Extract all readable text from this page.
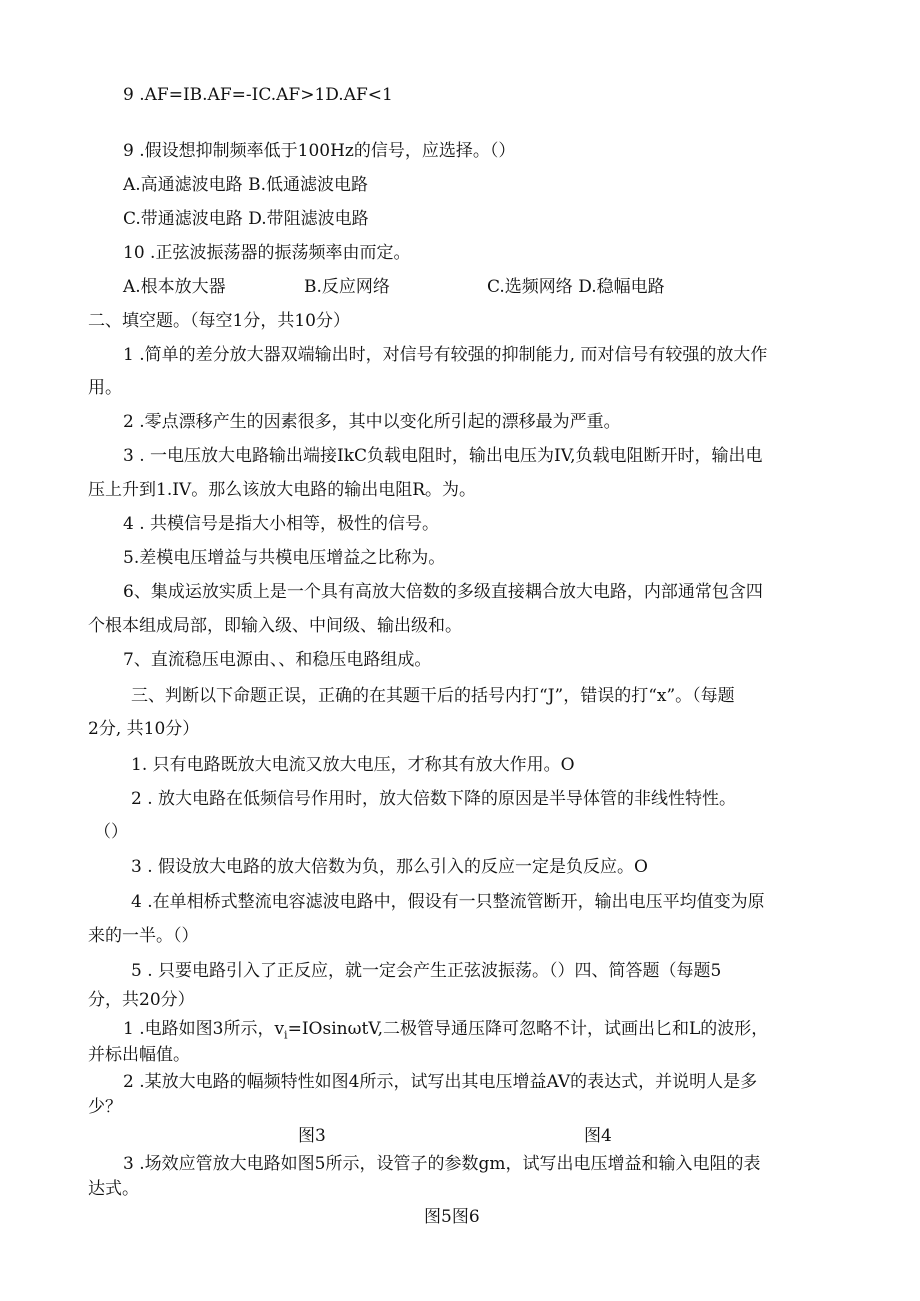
9 .AF=IB.AF=-IC.AF>1D.AF<1
9 .假设想抑制频率低于100Hz的信号，应选择。（）
A.高通滤波电路 B.低通滤波电路
C.带通滤波电路 D.带阻滤波电路
10 .正弦波振荡器的振荡频率由而定。
A.根本放大器	B.反应网络	C.选频网络 D.稳幅电路
二、填空题。（每空1分，共10分）
1 .简单的差分放大器双端输出时，对信号有较强的抑制能力, 而对信号有较强的放大作
用。
2 .零点漂移产生的因素很多，其中以变化所引起的漂移最为严重。
3 . 一电压放大电路输出端接IkC负载电阻时，输出电压为IV,负载电阻断开时，输出电
压上升到1.IV。那么该放大电路的输出电阻R。为。
4 . 共模信号是指大小相等，极性的信号。
5.差模电压增益与共模电压增益之比称为。
6、集成运放实质上是一个具有高放大倍数的多级直接耦合放大电路，内部通常包含四
个根本组成局部，即输入级、中间级、输出级和。
7、直流稳压电源由、、和稳压电路组成。
三、判断以下命题正误，正确的在其题干后的括号内打“J”，错误的打“x”。（每题
2分, 共10分）
1. 只有电路既放大电流又放大电压，才称其有放大作用。O
2 . 放大电路在低频信号作用时，放大倍数下降的原因是半导体管的非线性特性。
（）
3 . 假设放大电路的放大倍数为负，那么引入的反应一定是负反应。O
4 .在单相桥式整流电容滤波电路中，假设有一只整流管断开，输出电压平均值变为原
来的一半。（）
5 . 只要电路引入了正反应，就一定会产生正弦波振荡。（）四、简答题（每题5
分，共20分）
1 .电路如图3所示，$v_i=IOsin\omega tV$,二极管导通压降可忽略不计，试画出匕和L的波形，
并标出幅值。
2 .某放大电路的幅频特性如图4所示，试写出其电压增益AV的表达式，并说明人是多
少？
图3	图4
3 .场效应管放大电路如图5所示，设管子的参数gm，试写出电压增益和输入电阻的表
达式。
图5图6
